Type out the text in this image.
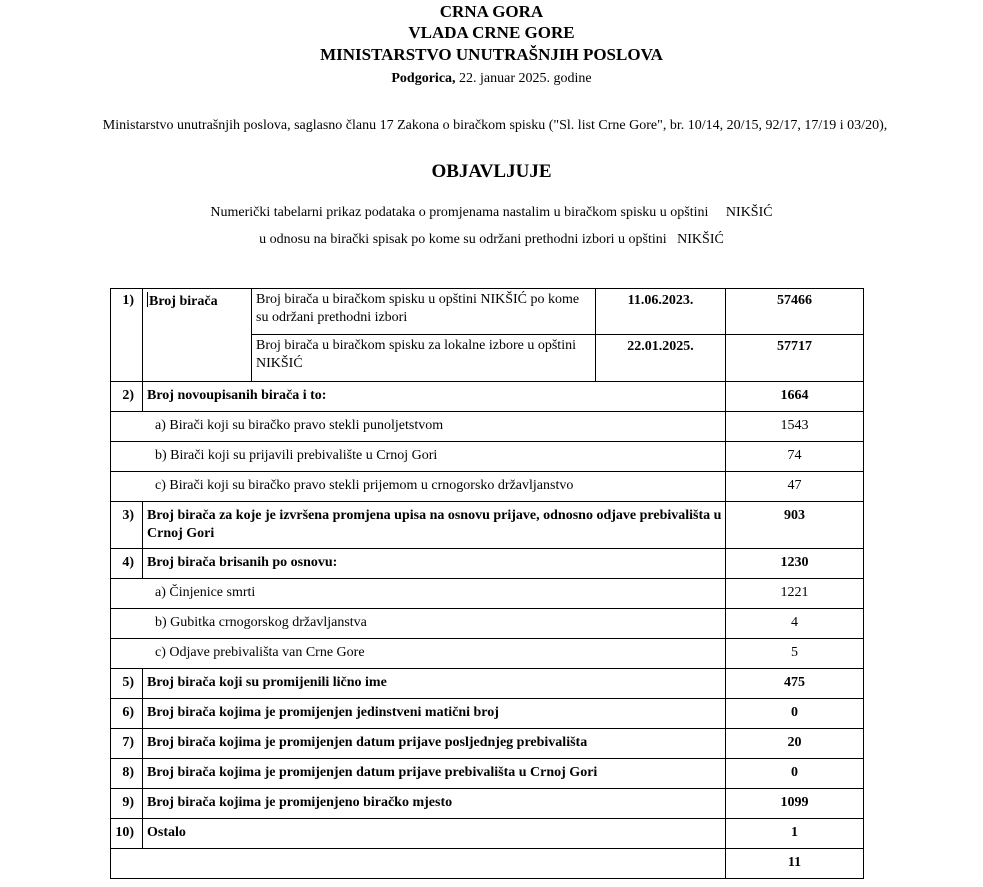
CRNA GORA
VLADA CRNE GORE
MINISTARSTVO UNUTRAŠNJIH POSLOVA
Podgorica, 22. januar 2025. godine
Ministarstvo unutrašnjih poslova, saglasno članu 17 Zakona o biračkom spisku ("Sl. list Crne Gore", br. 10/14, 20/15, 92/17, 17/19 i 03/20),
OBJAVLJUJE
Numerički tabelarni prikaz podataka o promjenama nastalim u biračkom spisku u opštini     NIKŠIĆ
u odnosu na birački spisak po kome su održani prethodni izbori u opštini   NIKŠIĆ
1)	Broj birača	Broj birača u biračkom spisku u opštini NIKŠIĆ po kome su održani prethodni izbori	11.06.2023.	57466
		Broj birača u biračkom spisku za lokalne izbore u opštini NIKŠIĆ	22.01.2025.	57717
2)	Broj novoupisanih birača i to:			1664
a) Birači koji su biračko pravo stekli punoljetstvom				1543
b) Birači koji su prijavili prebivalište u Crnoj Gori				74
c) Birači koji su biračko pravo stekli prijemom u crnogorsko državljanstvo				47
3)	Broj birača za koje je izvršena promjena upisa na osnovu prijave, odnosno odjave prebivališta u Crnoj Gori			903
4)	Broj birača brisanih po osnovu:			1230
a) Činjenice smrti				1221
b) Gubitka crnogorskog državljanstva				4
c) Odjave prebivališta van Crne Gore				5
5)	Broj birača koji su promijenili lično ime			475
6)	Broj birača kojima je promijenjen jedinstveni matični broj			0
7)	Broj birača kojima je promijenjen datum prijave posljednjeg prebivališta			20
8)	Broj birača kojima je promijenjen datum prijave prebivališta u Crnoj Gori			0
9)	Broj birača kojima je promijenjeno biračko mjesto			1099
10)	Ostalo			1
				11
